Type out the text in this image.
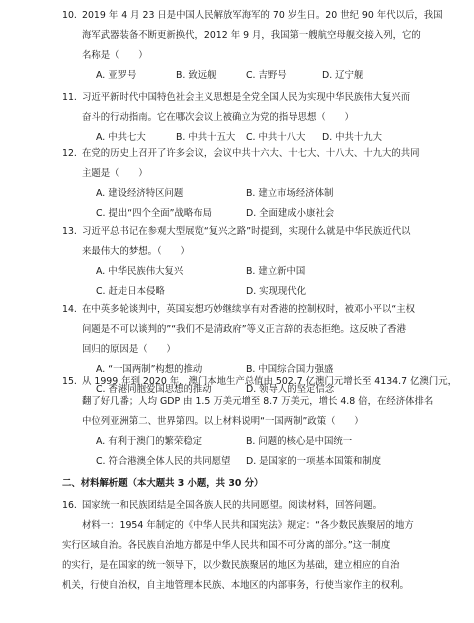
10. 2019 年 4 月 23 日是中国人民解放军海军的 70 岁生日。20 世纪 90 年代以后，我国
海军武器装备不断更新换代，2012 年 9 月，我国第一艘航空母舰交接入列，它的
名称是（　　）
A. 亚罗号	B. 致远舰	C. 吉野号	D. 辽宁舰
11. 习近平新时代中国特色社会主义思想是全党全国人民为实现中华民族伟大复兴而
奋斗的行动指南。它在哪次会议上被确立为党的指导思想（　　）
A. 中共七大	B. 中共十五大 C. 中共十八大 D. 中共十九大
12. 在党的历史上召开了许多会议，会议中共十六大、十七大、十八大、十九大的共同
主题是（　　）
A. 建设经济特区问题	B. 建立市场经济体制
C. 提出“四个全面”战略布局	D. 全面建成小康社会
13. 习近平总书记在参观大型展览“复兴之路”时提到，实现什么就是中华民族近代以
来最伟大的梦想。（　　）
A. 中华民族伟大复兴	B. 建立新中国
C. 赶走日本侵略	D. 实现现代化
14. 在中英多轮谈判中，英国妄想巧妙继续享有对香港的控制权时，被邓小平以“主权
问题是不可以谈判的”“我们不是清政府”等义正言辞的表态拒绝。这反映了香港
回归的原因是（　　）
A. “一国两制”构想的推动	B. 中国综合国力强盛
C. 香港同胞爱国思想的推动	D. 领导人的坚定信念
15. 从 1999 年到 2020 年，澳门本地生产总值由 502.7 亿澳门元增长至 4134.7 亿澳门元，
翻了好几番；人均 GDP 由 1.5 万美元增至 8.7 万美元，增长 4.8 倍，在经济体排名
中位列亚洲第二、世界第四。以上材料说明“一国两制”政策（　　）
A. 有利于澳门的繁荣稳定	B. 问题的核心是中国统一
C. 符合港澳全体人民的共同愿望 D. 是国家的一项基本国策和制度
二、材料解析题（本大题共 3 小题，共 30 分）
16. 国家统一和民族团结是全国各族人民的共同愿望。阅读材料，回答问题。
材料一：1954 年制定的《中华人民共和国宪法》规定：“各少数民族聚居的地方
实行区域自治。各民族自治地方都是中华人民共和国不可分离的部分。”这一制度
的实行，是在国家的统一领导下，以少数民族聚居的地区为基础，建立相应的自治
机关，行使自治权，自主地管理本民族、本地区的内部事务，行使当家作主的权利。
